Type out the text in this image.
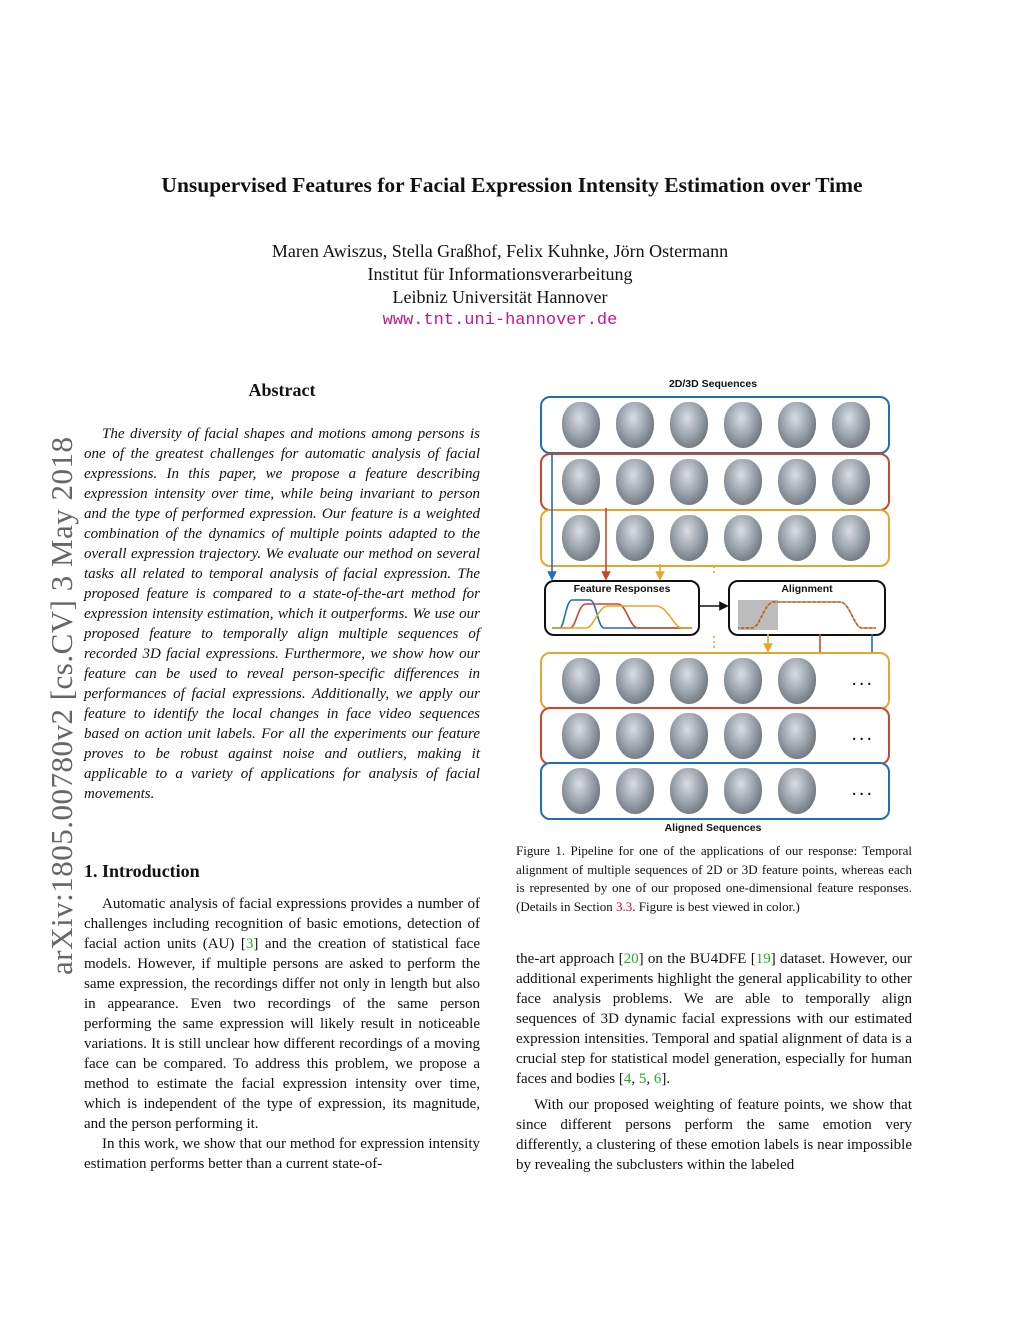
arXiv:1805.00780v2 [cs.CV] 3 May 2018
Unsupervised Features for Facial Expression Intensity Estimation over Time
Maren Awiszus, Stella Graßhof, Felix Kuhnke, Jörn Ostermann
Institut für Informationsverarbeitung
Leibniz Universität Hannover
www.tnt.uni-hannover.de
Abstract

The diversity of facial shapes and motions among persons is one of the greatest challenges for automatic analysis of facial expressions. In this paper, we propose a feature describing expression intensity over time, while being invariant to person and the type of performed expression. Our feature is a weighted combination of the dynamics of multiple points adapted to the overall expression trajectory. We evaluate our method on several tasks all related to temporal analysis of facial expression. The proposed feature is compared to a state-of-the-art method for expression intensity estimation, which it outperforms. We use our proposed feature to temporally align multiple sequences of recorded 3D facial expressions. Furthermore, we show how our feature can be used to reveal person-specific differences in performances of facial expressions. Additionally, we apply our feature to identify the local changes in face video sequences based on action unit labels. For all the experiments our feature proves to be robust against noise and outliers, making it applicable to a variety of applications for analysis of facial movements.

1. Introduction

Automatic analysis of facial expressions provides a number of challenges including recognition of basic emotions, detection of facial action units (AU) [3] and the creation of statistical face models. However, if multiple persons are asked to perform the same expression, the recordings differ not only in length but also in appearance. Even two recordings of the same person performing the same expression will likely result in noticeable variations. It is still unclear how different recordings of a moving face can be compared. To address this problem, we propose a method to estimate the facial expression intensity over time, which is independent of the type of expression, its magnitude, and the person performing it.

In this work, we show that our method for expression intensity estimation performs better than a current state-of-

2D/3D Sequences
Feature Responses	Alignment
...
...
...
Aligned Sequences
Figure 1. Pipeline for one of the applications of our response: Temporal alignment of multiple sequences of 2D or 3D feature points, whereas each is represented by one of our proposed one-dimensional feature responses. (Details in Section 3.3. Figure is best viewed in color.)

the-art approach [20] on the BU4DFE [19] dataset. However, our additional experiments highlight the general applicability to other face analysis problems. We are able to temporally align sequences of 3D dynamic facial expressions with our estimated expression intensities. Temporal and spatial alignment of data is a crucial step for statistical model generation, especially for human faces and bodies [4, 5, 6].

With our proposed weighting of feature points, we show that since different persons perform the same emotion very differently, a clustering of these emotion labels is near impossible by revealing the subclusters within the labeled
